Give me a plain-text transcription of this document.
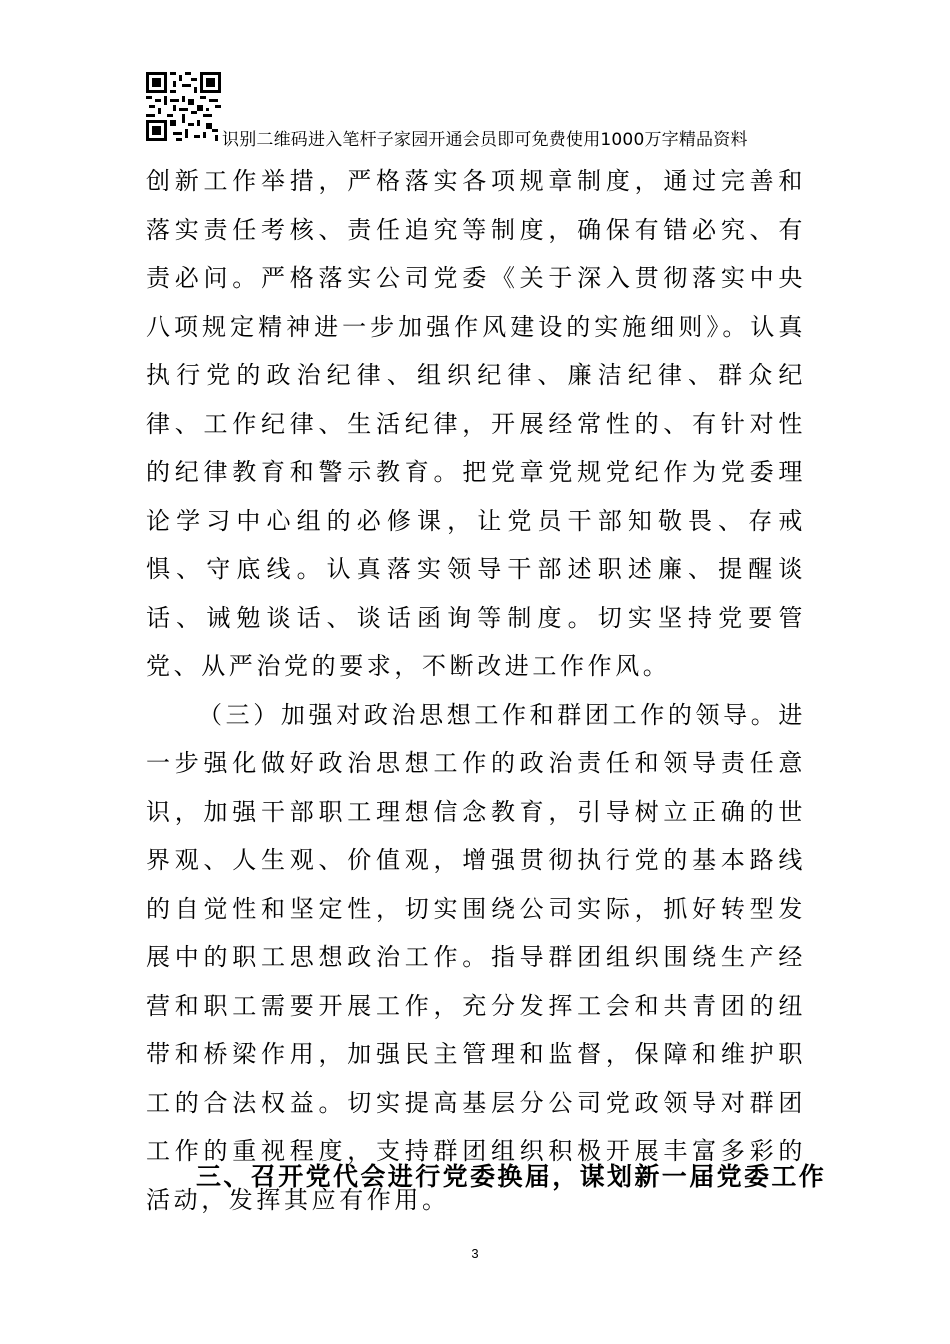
识别二维码进入笔杆子家园开通会员即可免费使用1000万字精品资料

创新工作举措，严格落实各项规章制度，通过完善和落实责任考核、责任追究等制度，确保有错必究、有责必问。严格落实公司党委《关于深入贯彻落实中央八项规定精神进一步加强作风建设的实施细则》。认真执行党的政治纪律、组织纪律、廉洁纪律、群众纪律、工作纪律、生活纪律，开展经常性的、有针对性的纪律教育和警示教育。把党章党规党纪作为党委理论学习中心组的必修课，让党员干部知敬畏、存戒惧、守底线。认真落实领导干部述职述廉、提醒谈话、诫勉谈话、谈话函询等制度。切实坚持党要管党、从严治党的要求，不断改进工作作风。

（三）加强对政治思想工作和群团工作的领导。进一步强化做好政治思想工作的政治责任和领导责任意识，加强干部职工理想信念教育，引导树立正确的世界观、人生观、价值观，增强贯彻执行党的基本路线的自觉性和坚定性，切实围绕公司实际，抓好转型发展中的职工思想政治工作。指导群团组织围绕生产经营和职工需要开展工作，充分发挥工会和共青团的纽带和桥梁作用，加强民主管理和监督，保障和维护职工的合法权益。切实提高基层分公司党政领导对群团工作的重视程度，支持群团组织积极开展丰富多彩的活动，发挥其应有作用。

三、召开党代会进行党委换届，谋划新一届党委工作
3
